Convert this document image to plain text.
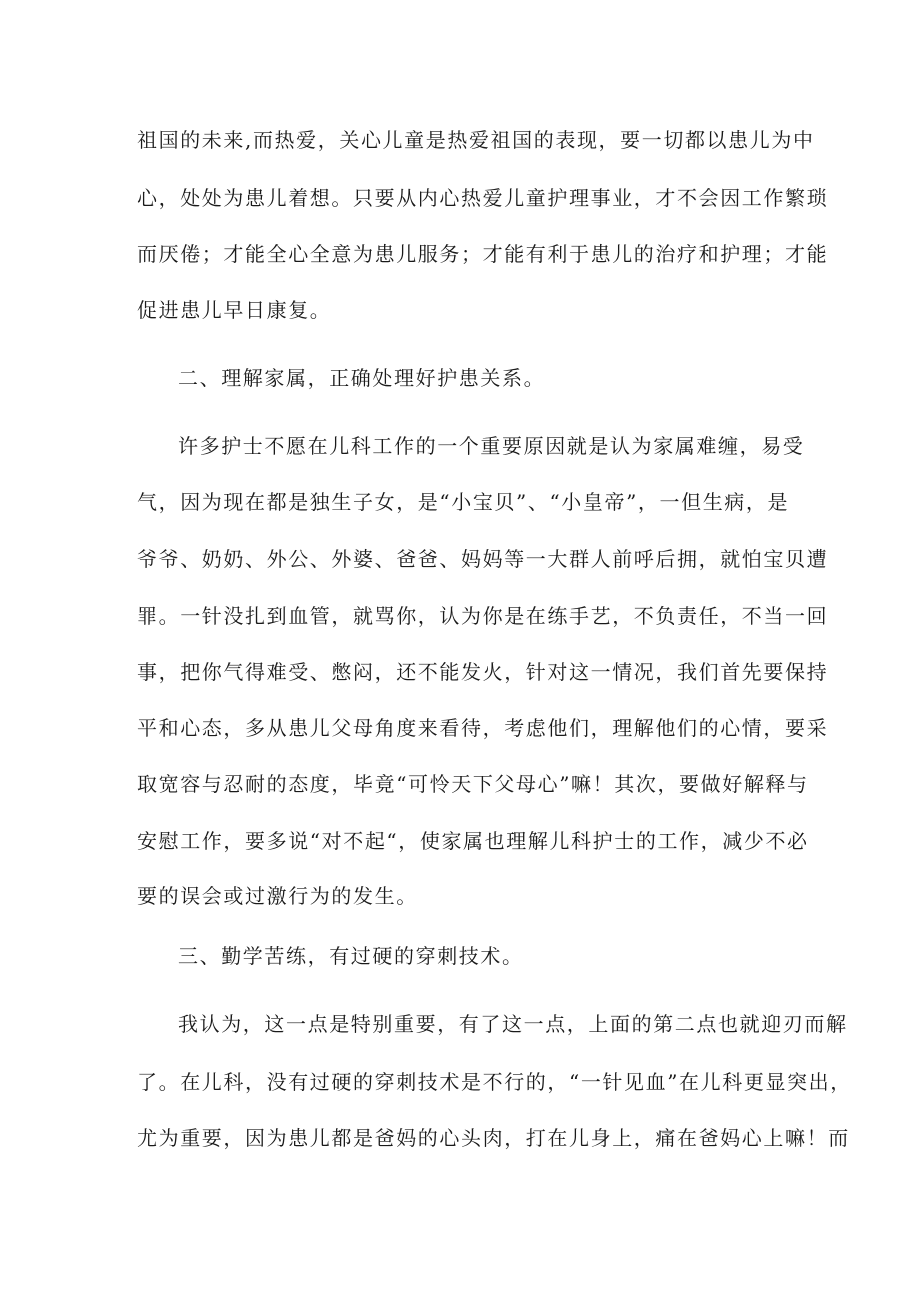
祖国的未来,而热爱，关心儿童是热爱祖国的表现，要一切都以患儿为中
心，处处为患儿着想。只要从内心热爱儿童护理事业，才不会因工作繁琐
而厌倦；才能全心全意为患儿服务；才能有利于患儿的治疗和护理；才能
促进患儿早日康复。
二、理解家属，正确处理好护患关系。
许多护士不愿在儿科工作的一个重要原因就是认为家属难缠，易受
气，因为现在都是独生子女，是“小宝贝”、“小皇帝”，一但生病，是
爷爷、奶奶、外公、外婆、爸爸、妈妈等一大群人前呼后拥，就怕宝贝遭
罪。一针没扎到血管，就骂你，认为你是在练手艺，不负责任，不当一回
事，把你气得难受、憋闷，还不能发火，针对这一情况，我们首先要保持
平和心态，多从患儿父母角度来看待，考虑他们，理解他们的心情，要采
取宽容与忍耐的态度，毕竟“可怜天下父母心”嘛！其次，要做好解释与
安慰工作，要多说“对不起“，使家属也理解儿科护士的工作，减少不必
要的误会或过激行为的发生。
三、勤学苦练，有过硬的穿刺技术。
我认为，这一点是特别重要，有了这一点，上面的第二点也就迎刃而解
了。在儿科，没有过硬的穿刺技术是不行的，“一针见血”在儿科更显突出，
尤为重要，因为患儿都是爸妈的心头肉，打在儿身上，痛在爸妈心上嘛！而
